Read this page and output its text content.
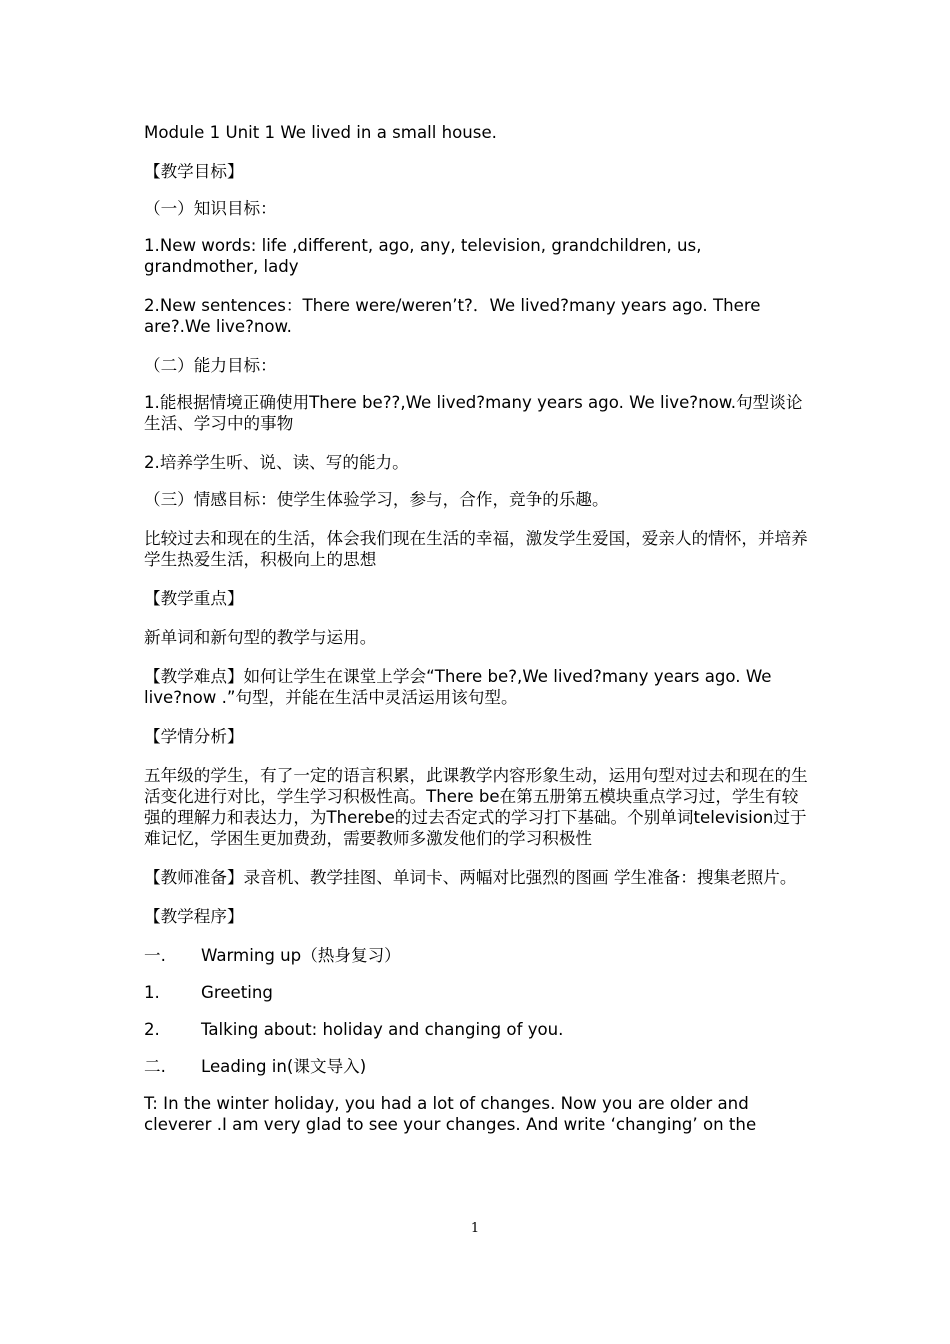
Module 1 Unit 1 We lived in a small house.

【教学目标】

（一）知识目标：

1.New words: life ,different, ago, any, television, grandchildren, us, grandmother, lady

2.New sentences：There were/weren’t?．We lived?many years ago. There are?.We live?now.

（二）能力目标：

1.能根据情境正确使用There be??,We lived?many years ago. We live?now.句型谈论生活、学习中的事物

2.培养学生听、说、读、写的能力。

（三）情感目标：使学生体验学习，参与，合作，竞争的乐趣。

比较过去和现在的生活，体会我们现在生活的幸福，激发学生爱国，爱亲人的情怀，并培养学生热爱生活，积极向上的思想

【教学重点】

新单词和新句型的教学与运用。

【教学难点】如何让学生在课堂上学会“There be?,We lived?many years ago. We live?now .”句型，并能在生活中灵活运用该句型。

【学情分析】

五年级的学生，有了一定的语言积累，此课教学内容形象生动，运用句型对过去和现在的生活变化进行对比，学生学习积极性高。There be在第五册第五模块重点学习过，学生有较强的理解力和表达力，为Therebe的过去否定式的学习打下基础。个别单词television过于难记忆，学困生更加费劲，需要教师多激发他们的学习积极性

【教师准备】录音机、教学挂图、单词卡、两幅对比强烈的图画 学生准备：搜集老照片。

【教学程序】

一.	Warming up（热身复习）
1.	Greeting
2.	Talking about: holiday and changing of you.
二.	Leading in(课文导入)

T: In the winter holiday, you had a lot of changes. Now you are older and cleverer .I am very glad to see your changes. And write ‘changing’ on the

1
